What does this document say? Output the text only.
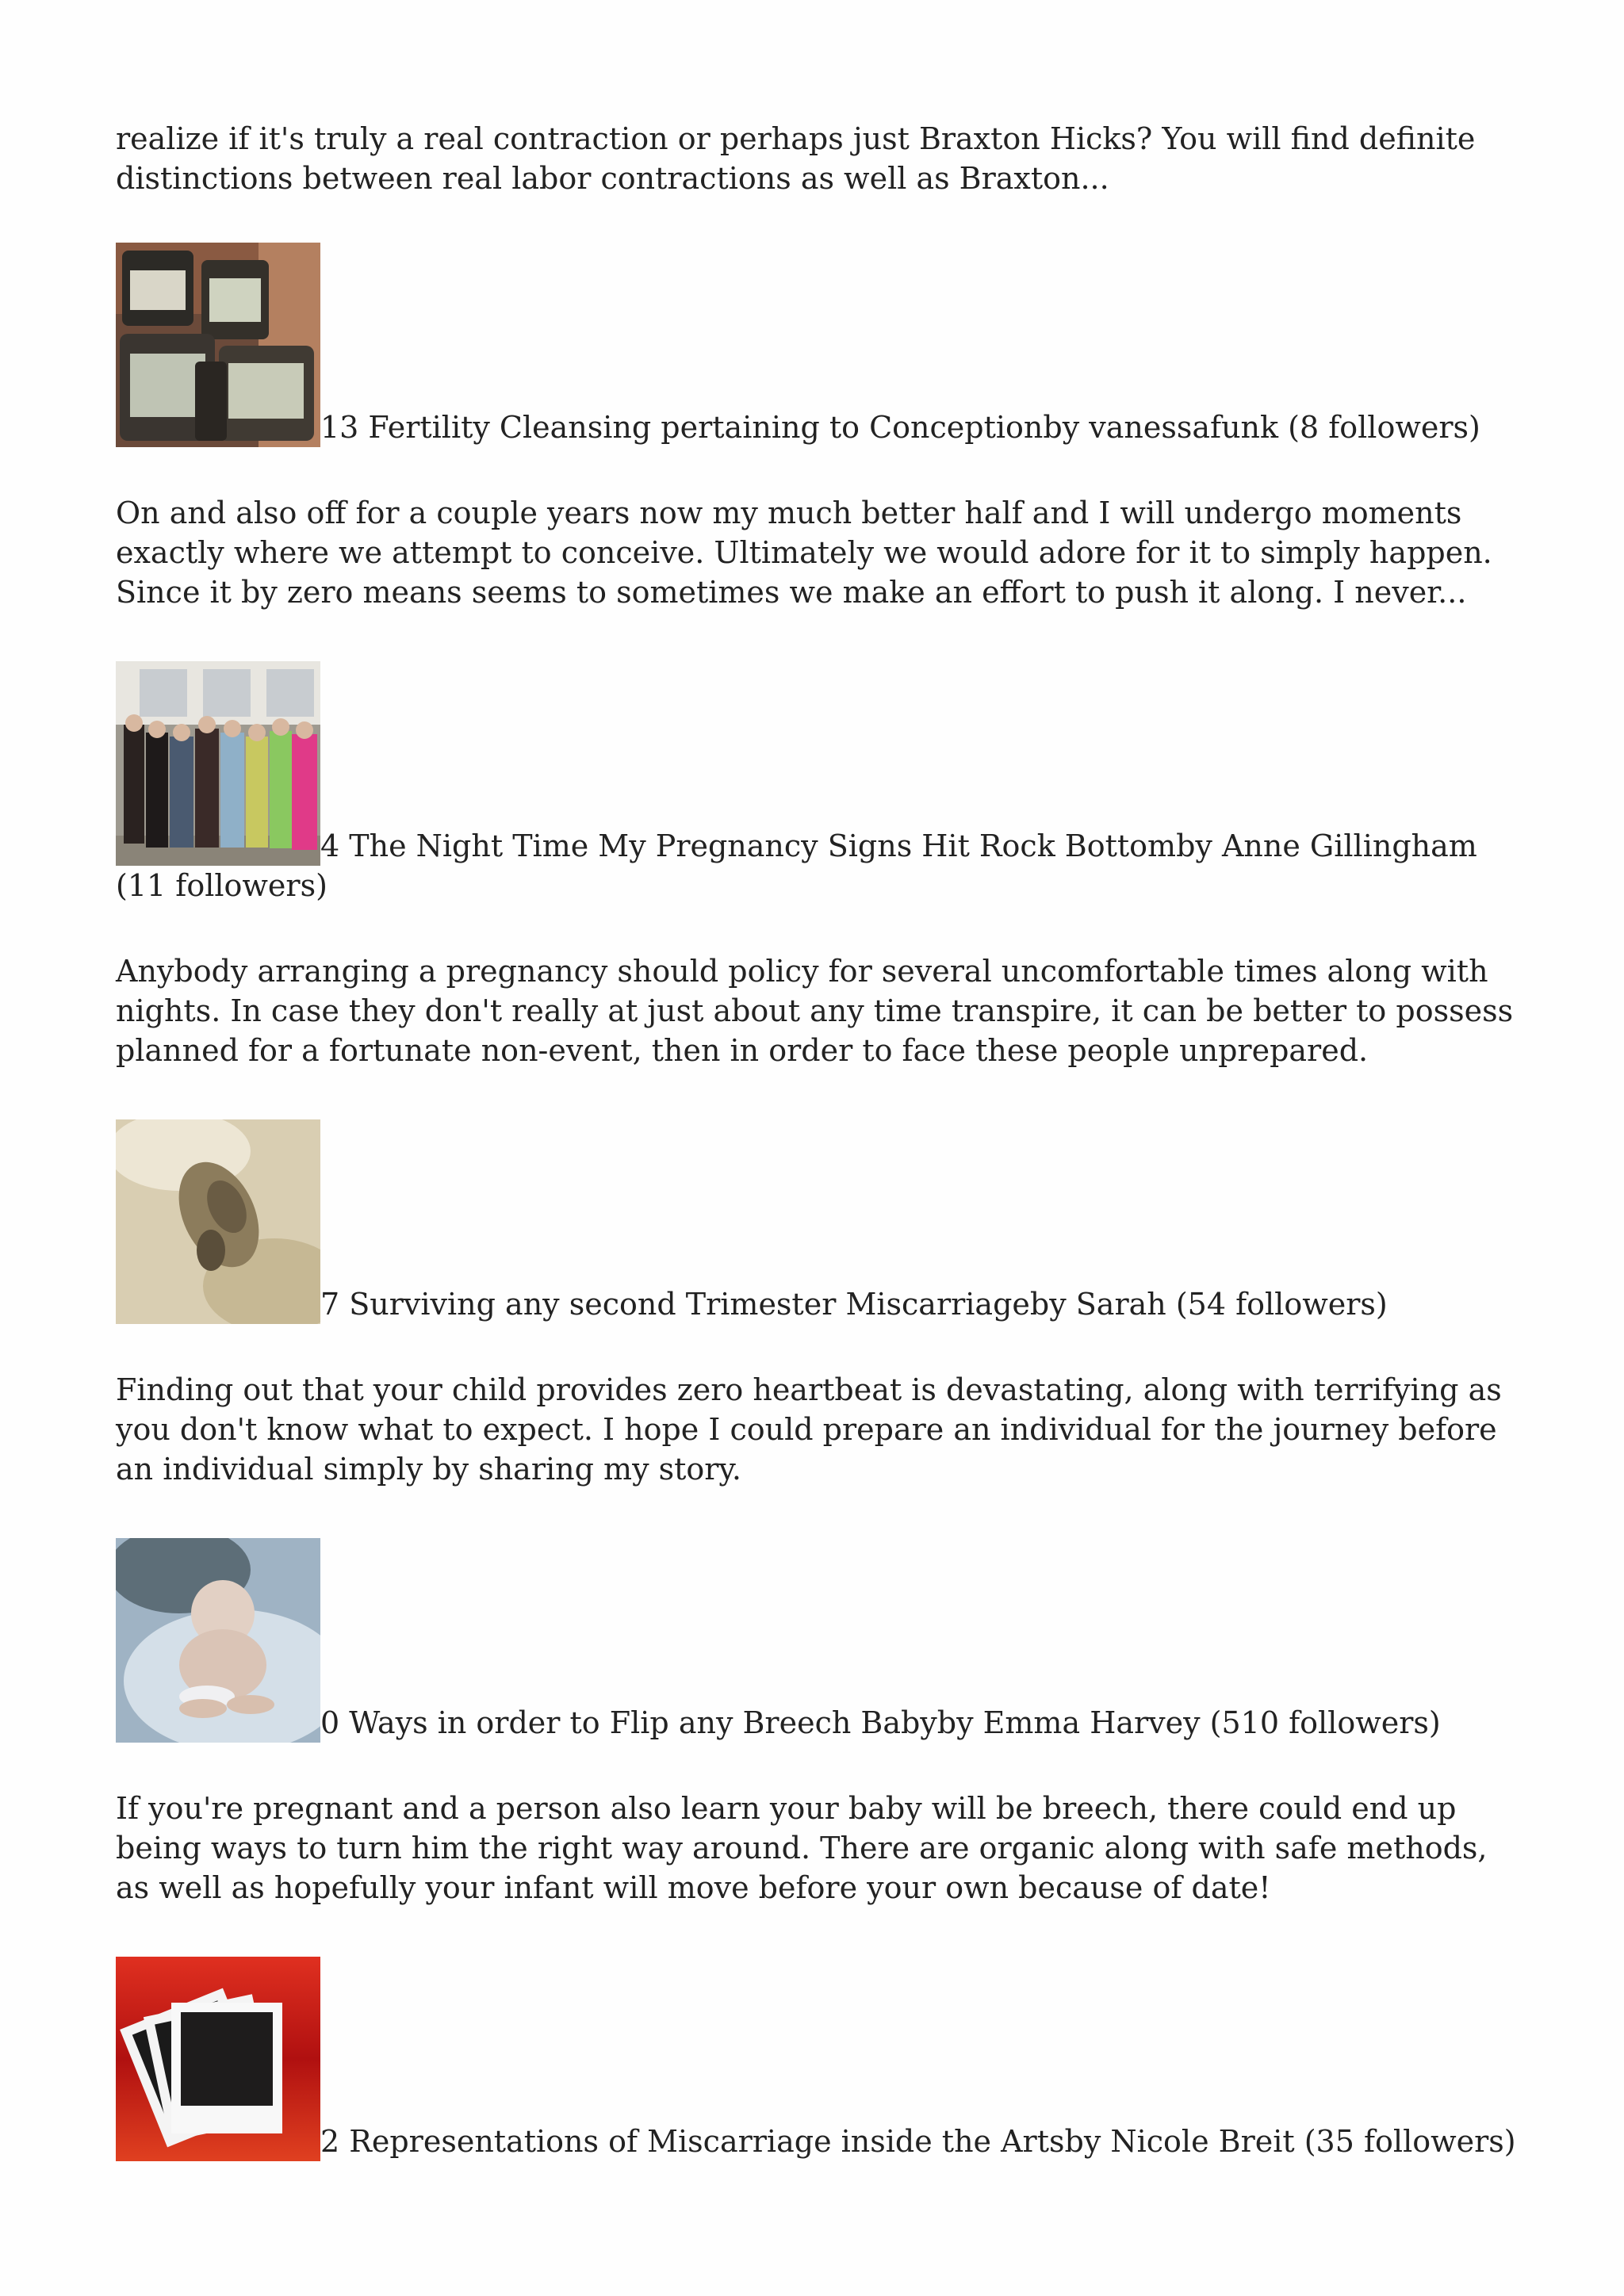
realize if it's truly a real contraction or perhaps just Braxton Hicks? You will find definite distinctions between real labor contractions as well as Braxton...

13 Fertility Cleansing pertaining to Conceptionby vanessafunk (8 followers)

On and also off for a couple years now my much better half and I will undergo moments exactly where we attempt to conceive. Ultimately we would adore for it to simply happen. Since it by zero means seems to sometimes we make an effort to push it along. I never...

4 The Night Time My Pregnancy Signs Hit Rock Bottomby Anne Gillingham (11 followers)

Anybody arranging a pregnancy should policy for several uncomfortable times along with nights. In case they don't really at just about any time transpire, it can be better to possess planned for a fortunate non-event, then in order to face these people unprepared.

7 Surviving any second Trimester Miscarriageby Sarah (54 followers)

Finding out that your child provides zero heartbeat is devastating, along with terrifying as you don't know what to expect. I hope I could prepare an individual for the journey before an individual simply by sharing my story.

0 Ways in order to Flip any Breech Babyby Emma Harvey (510 followers)

If you're pregnant and a person also learn your baby will be breech, there could end up being ways to turn him the right way around. There are organic along with safe methods, as well as hopefully your infant will move before your own because of date!

2 Representations of Miscarriage inside the Artsby Nicole Breit (35 followers)
